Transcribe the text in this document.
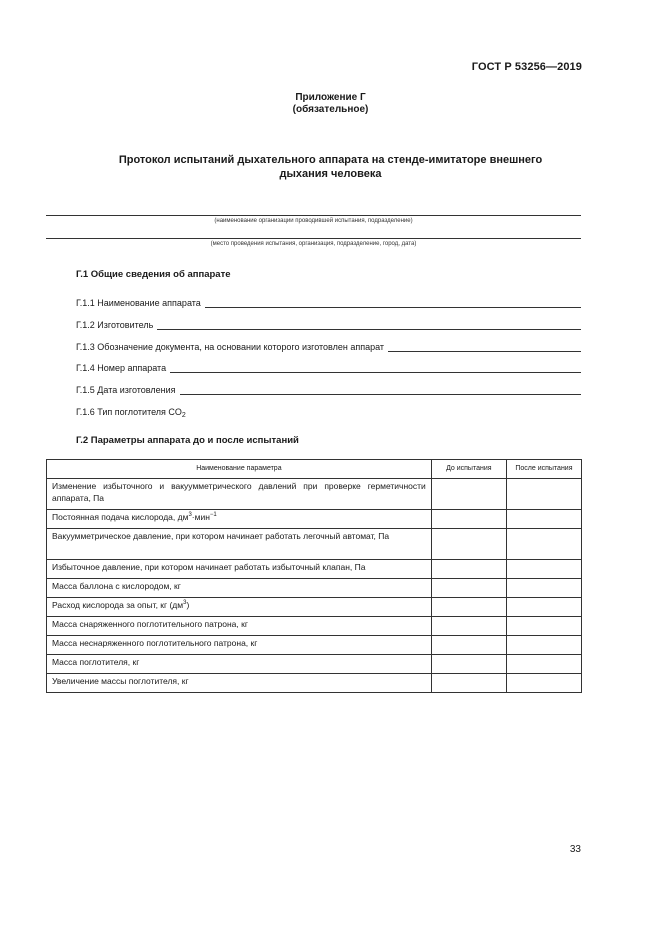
ГОСТ Р 53256—2019
Приложение Г
(обязательное)
Протокол испытаний дыхательного аппарата на стенде-имитаторе внешнего
дыхания человека
(наименование организации проводившей испытания, подразделение)
(место проведения испытания, организация, подразделение, город, дата)
Г.1 Общие сведения об аппарате
Г.1.1 Наименование аппарата
Г.1.2 Изготовитель
Г.1.3 Обозначение документа, на основании которого изготовлен аппарат
Г.1.4 Номер аппарата
Г.1.5 Дата изготовления
Г.1.6 Тип поглотителя $CO_2$
Г.2 Параметры аппарата до и после испытаний
Наименование параметра	До испытания	После испытания
Изменение избыточного и вакуумметрического давлений при проверке герметичности аппарата, Па		
Постоянная подача кислорода, $дм^3\cdot мин^{-1}$		
Вакуумметрическое давление, при котором начинает работать легочный автомат, Па		
Избыточное давление, при котором начинает работать избыточный клапан, Па		
Масса баллона с кислородом, кг		
Расход кислорода за опыт, кг $(дм^3)$		
Масса снаряженного поглотительного патрона, кг		
Масса неснаряженного поглотительного патрона, кг		
Масса поглотителя, кг		
Увеличение массы поглотителя, кг		
33
